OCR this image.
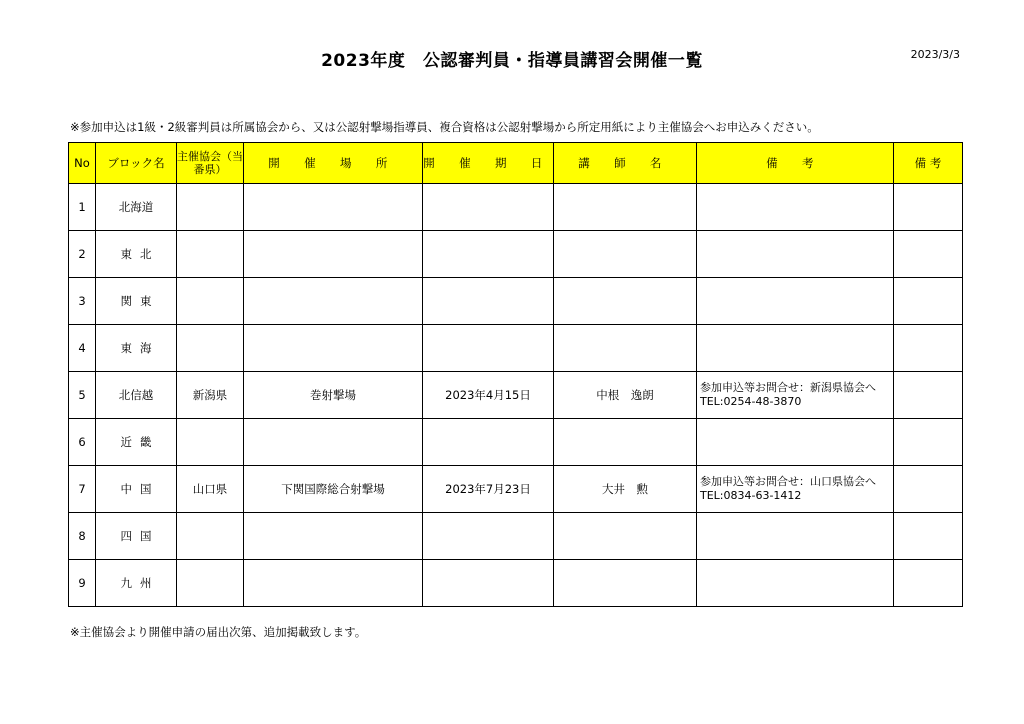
2023年度　公認審判員・指導員講習会開催一覧	2023/3/3
※参加申込は1級・2級審判員は所属協会から、又は公認射撃場指導員、複合資格は公認射撃場から所定用紙により主催協会へお申込みください。
No	ブロック名	主催協会（当番県）	開 催 場 所	開 催 期 日	講 師 名	備 考	備 考
1	北海道						
2	東北						
3	関東						
4	東海						
5	北信越	新潟県	巻射撃場	2023年4月15日	中根　逸朗	参加申込等お問合せ：新潟県協会へTEL:0254-48-3870	
6	近畿						
7	中国	山口県	下関国際総合射撃場	2023年7月23日	大井　勲	参加申込等お問合せ：山口県協会へTEL:0834-63-1412	
8	四国						
9	九州						
※主催協会より開催申請の届出次第、追加掲載致します。
